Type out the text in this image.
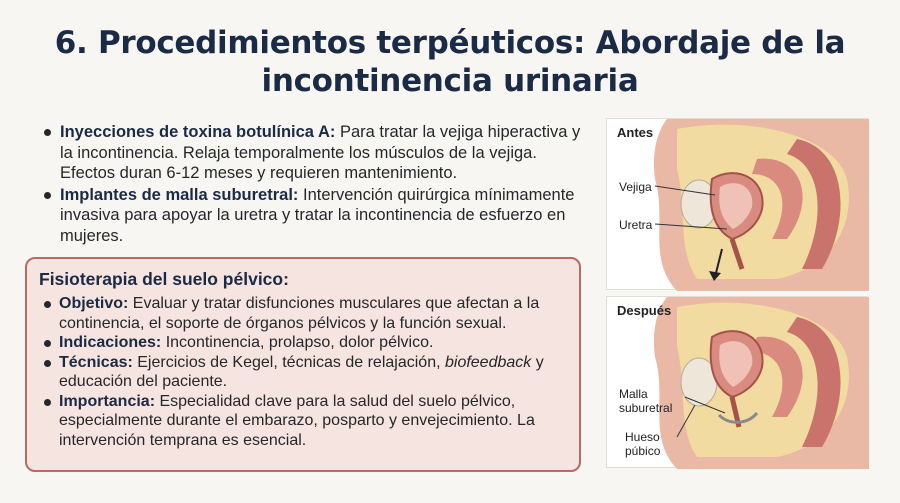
6. Procedimientos terpéuticos: Abordaje de la incontinencia urinaria
Inyecciones de toxina botulínica A: Para tratar la vejiga hiperactiva y la incontinencia. Relaja temporalmente los músculos de la vejiga. Efectos duran 6-12 meses y requieren mantenimiento.
Implantes de malla suburetral: Intervención quirúrgica mínimamente invasiva para apoyar la uretra y tratar la incontinencia de esfuerzo en mujeres.
Fisioterapia del suelo pélvico:
Objetivo: Evaluar y tratar disfunciones musculares que afectan a la continencia, el soporte de órganos pélvicos y la función sexual.
Indicaciones: Incontinencia, prolapso, dolor pélvico.
Técnicas: Ejercicios de Kegel, técnicas de relajación, biofeedback y educación del paciente.
Importancia: Especialidad clave para la salud del suelo pélvico, especialmente durante el embarazo, posparto y envejecimiento. La intervención temprana es esencial.
Antes
Vejiga
Uretra
Después
Malla
suburetral
Hueso
púbico
